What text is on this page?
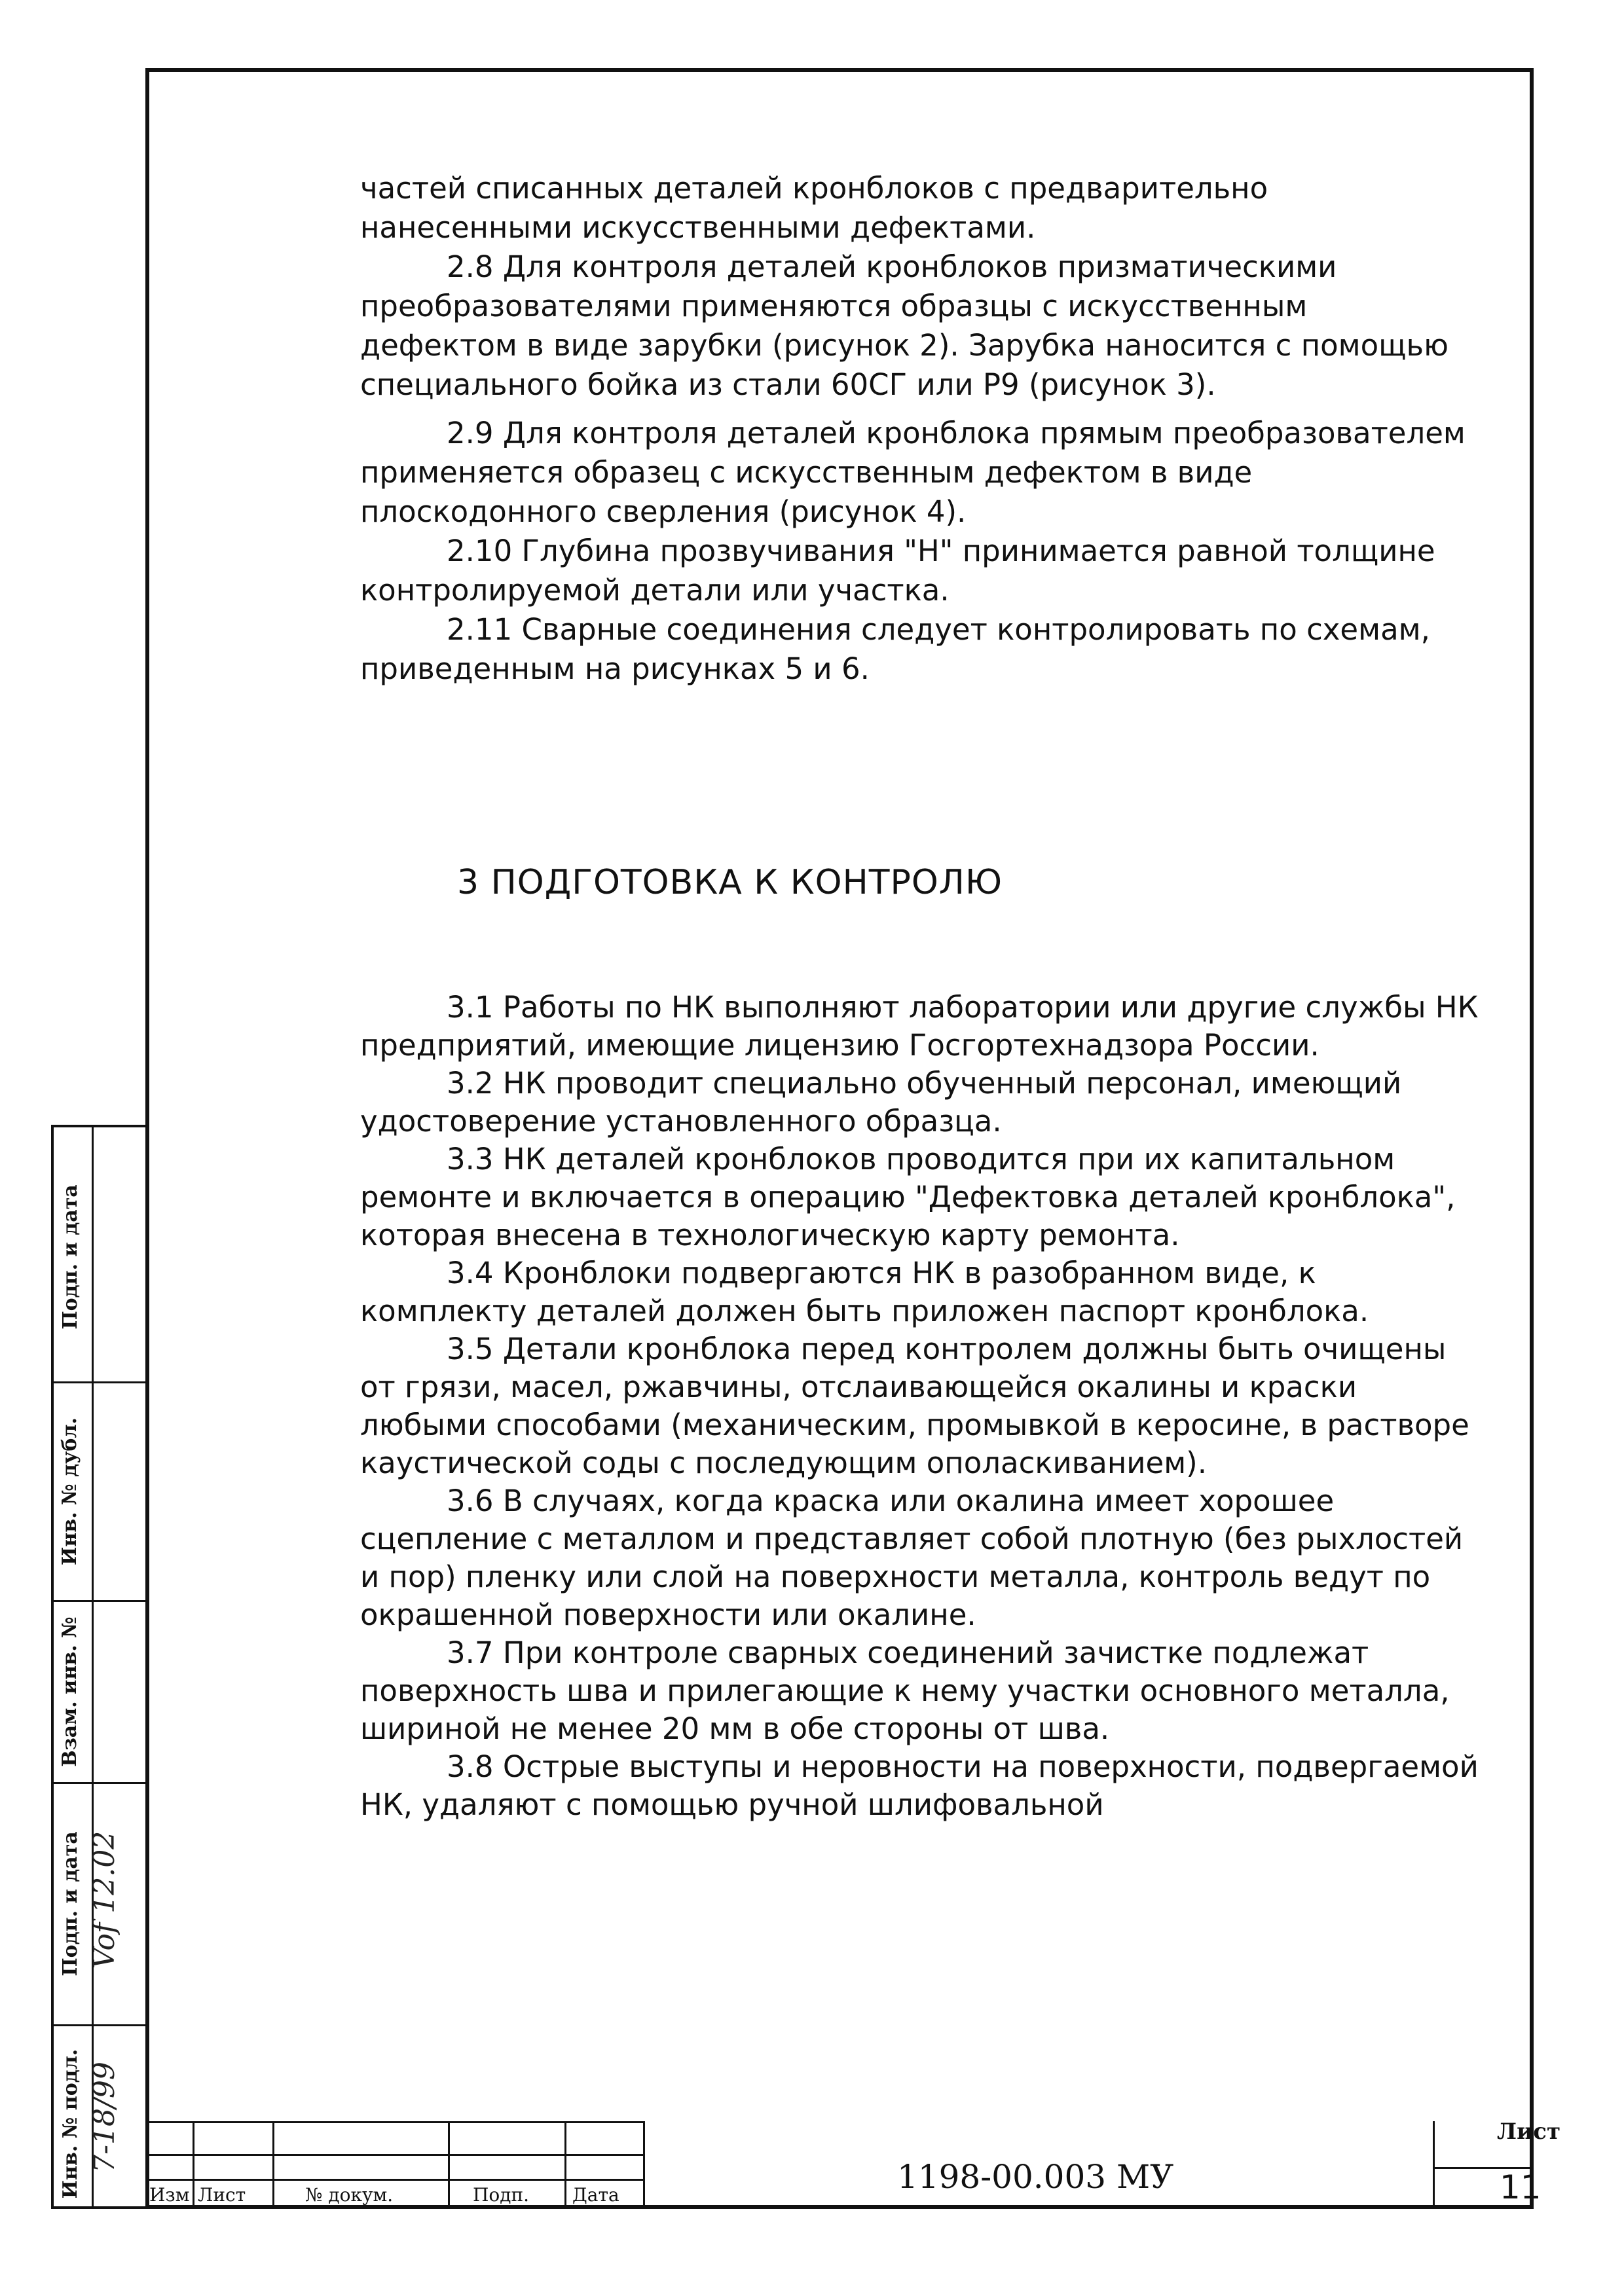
частей списанных деталей кронблоков с предварительно нанесенными искусственными дефектами.

2.8 Для контроля деталей кронблоков призматическими преобразователями применяются образцы с искусственным дефектом в виде зарубки (рисунок 2). Зарубка наносится с помощью специального бойка из стали 60СГ или Р9 (рисунок 3).

2.9 Для контроля деталей кронблока прямым преобразователем применяется образец с искусственным дефектом в виде плоскодонного сверления (рисунок 4).

2.10 Глубина прозвучивания "Н" принимается равной толщине контролируемой детали или участка.

2.11 Сварные соединения следует контролировать по схемам, приведенным на рисунках 5 и 6.

3 ПОДГОТОВКА К КОНТРОЛЮ

3.1 Работы по НК выполняют лаборатории или другие службы НК предприятий, имеющие лицензию Госгортехнадзора России.

3.2 НК проводит специально обученный персонал, имеющий удостоверение установленного образца.

3.3 НК деталей кронблоков проводится при их капитальном ремонте и включается в операцию "Дефектовка деталей кронблока", которая внесена в технологическую карту ремонта.

3.4 Кронблоки подвергаются НК в разобранном виде, к комплекту деталей должен быть приложен паспорт кронблока.

3.5 Детали кронблока перед контролем должны быть очищены от грязи, масел, ржавчины, отслаивающейся окалины и краски любыми способами (механическим, промывкой в керосине, в растворе каустической соды с последующим ополаскиванием).

3.6 В случаях, когда краска или окалина имеет хорошее сцепление с металлом и представляет собой плотную (без рыхлостей и пор) пленку или слой на поверхности металла, контроль ведут по окрашенной поверхности или окалине.

3.7 При контроле сварных соединений зачистке подлежат поверхность шва и прилегающие к нему участки основного металла, шириной не менее 20 мм в обе стороны от шва.

3.8 Острые выступы и неровности на поверхности, подвергаемой НК, удаляют с помощью ручной шлифовальной

Подп. и дата
Инв. № дубл.
Взам. инв. №
Подп. и дата
Инв. № подл.
Vof 12.02
7-18/99
Изм Лист	№ докум.	Подп. Дата	1198-00.003 МУ
Лист
11
